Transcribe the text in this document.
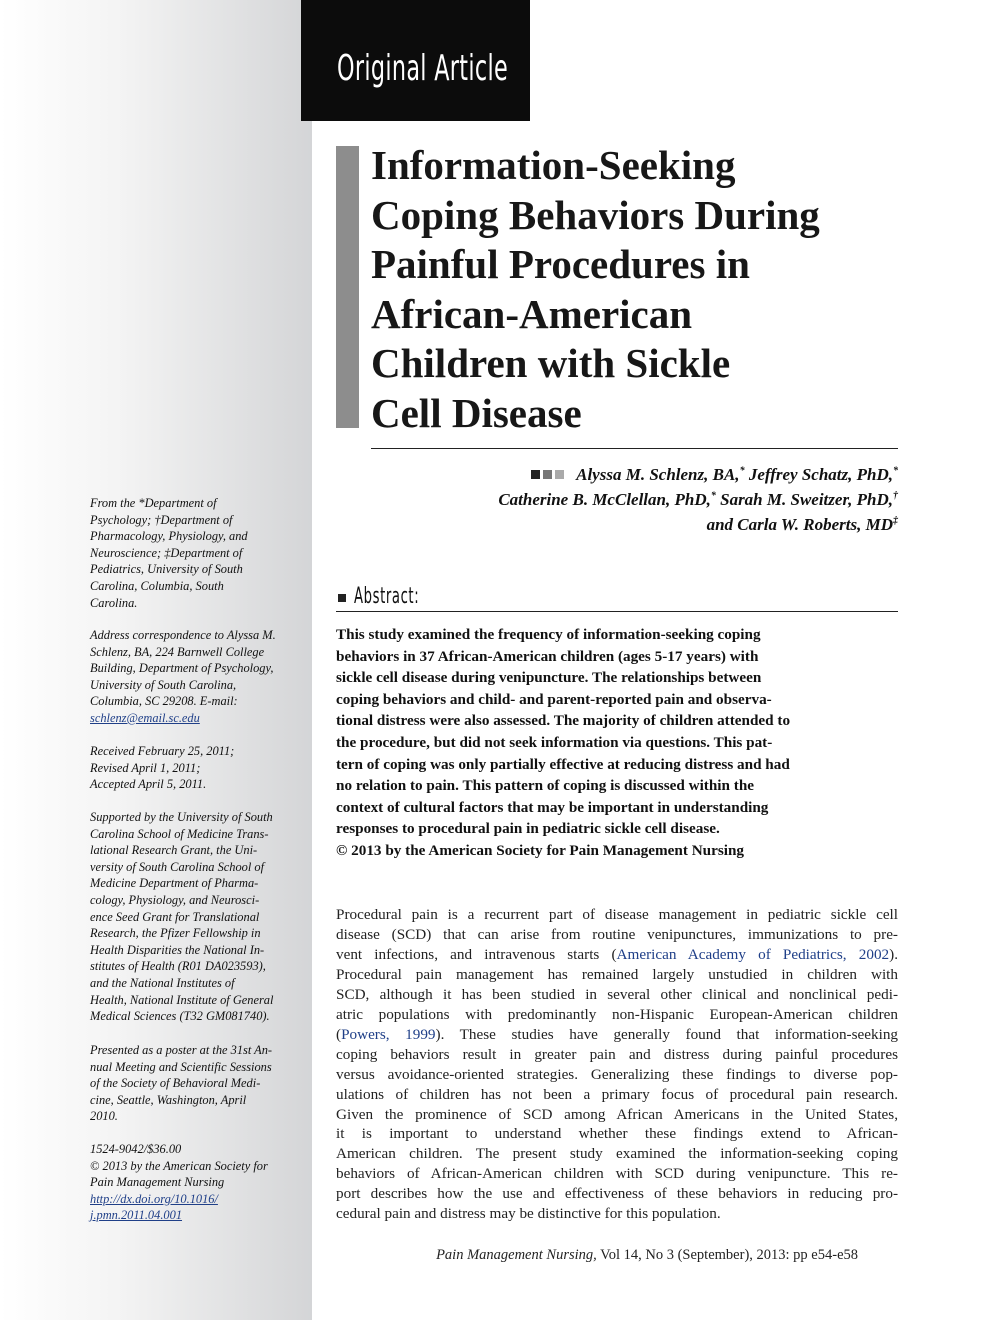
Original Article
Information-Seeking
Coping Behaviors During
Painful Procedures in
African-American
Children with Sickle
Cell Disease
Alyssa M. Schlenz, BA,* Jeffrey Schatz, PhD,*
Catherine B. McClellan, PhD,* Sarah M. Sweitzer, PhD,†
and Carla W. Roberts, MD‡
Abstract:
This study examined the frequency of information-seeking coping
behaviors in 37 African-American children (ages 5-17 years) with
sickle cell disease during venipuncture. The relationships between
coping behaviors and child- and parent-reported pain and observa-
tional distress were also assessed. The majority of children attended to
the procedure, but did not seek information via questions. This pat-
tern of coping was only partially effective at reducing distress and had
no relation to pain. This pattern of coping is discussed within the
context of cultural factors that may be important in understanding
responses to procedural pain in pediatric sickle cell disease.
© 2013 by the American Society for Pain Management Nursing
Procedural pain is a recurrent part of disease management in pediatric sickle cell
disease (SCD) that can arise from routine venipunctures, immunizations to pre-
vent infections, and intravenous starts (American Academy of Pediatrics, 2002).
Procedural pain management has remained largely unstudied in children with
SCD, although it has been studied in several other clinical and nonclinical pedi-
atric populations with predominantly non-Hispanic European-American children
(Powers, 1999). These studies have generally found that information-seeking
coping behaviors result in greater pain and distress during painful procedures
versus avoidance-oriented strategies. Generalizing these findings to diverse pop-
ulations of children has not been a primary focus of procedural pain research.
Given the prominence of SCD among African Americans in the United States,
it is important to understand whether these findings extend to African-
American children. The present study examined the information-seeking coping
behaviors of African-American children with SCD during venipuncture. This re-
port describes how the use and effectiveness of these behaviors in reducing pro-
cedural pain and distress may be distinctive for this population.
From the *Department of
Psychology; †Department of
Pharmacology, Physiology, and
Neuroscience; ‡Department of
Pediatrics, University of South
Carolina, Columbia, South
Carolina.
Address correspondence to Alyssa M.
Schlenz, BA, 224 Barnwell College
Building, Department of Psychology,
University of South Carolina,
Columbia, SC 29208. E-mail:
schlenz@email.sc.edu
Received February 25, 2011;
Revised April 1, 2011;
Accepted April 5, 2011.
Supported by the University of South
Carolina School of Medicine Trans-
lational Research Grant, the Uni-
versity of South Carolina School of
Medicine Department of Pharma-
cology, Physiology, and Neurosci-
ence Seed Grant for Translational
Research, the Pfizer Fellowship in
Health Disparities the National In-
stitutes of Health (R01 DA023593),
and the National Institutes of
Health, National Institute of General
Medical Sciences (T32 GM081740).
Presented as a poster at the 31st An-
nual Meeting and Scientific Sessions
of the Society of Behavioral Medi-
cine, Seattle, Washington, April
2010.
1524-9042/$36.00
© 2013 by the American Society for
Pain Management Nursing
http://dx.doi.org/10.1016/
j.pmn.2011.04.001
Pain Management Nursing, Vol 14, No 3 (September), 2013: pp e54-e58
